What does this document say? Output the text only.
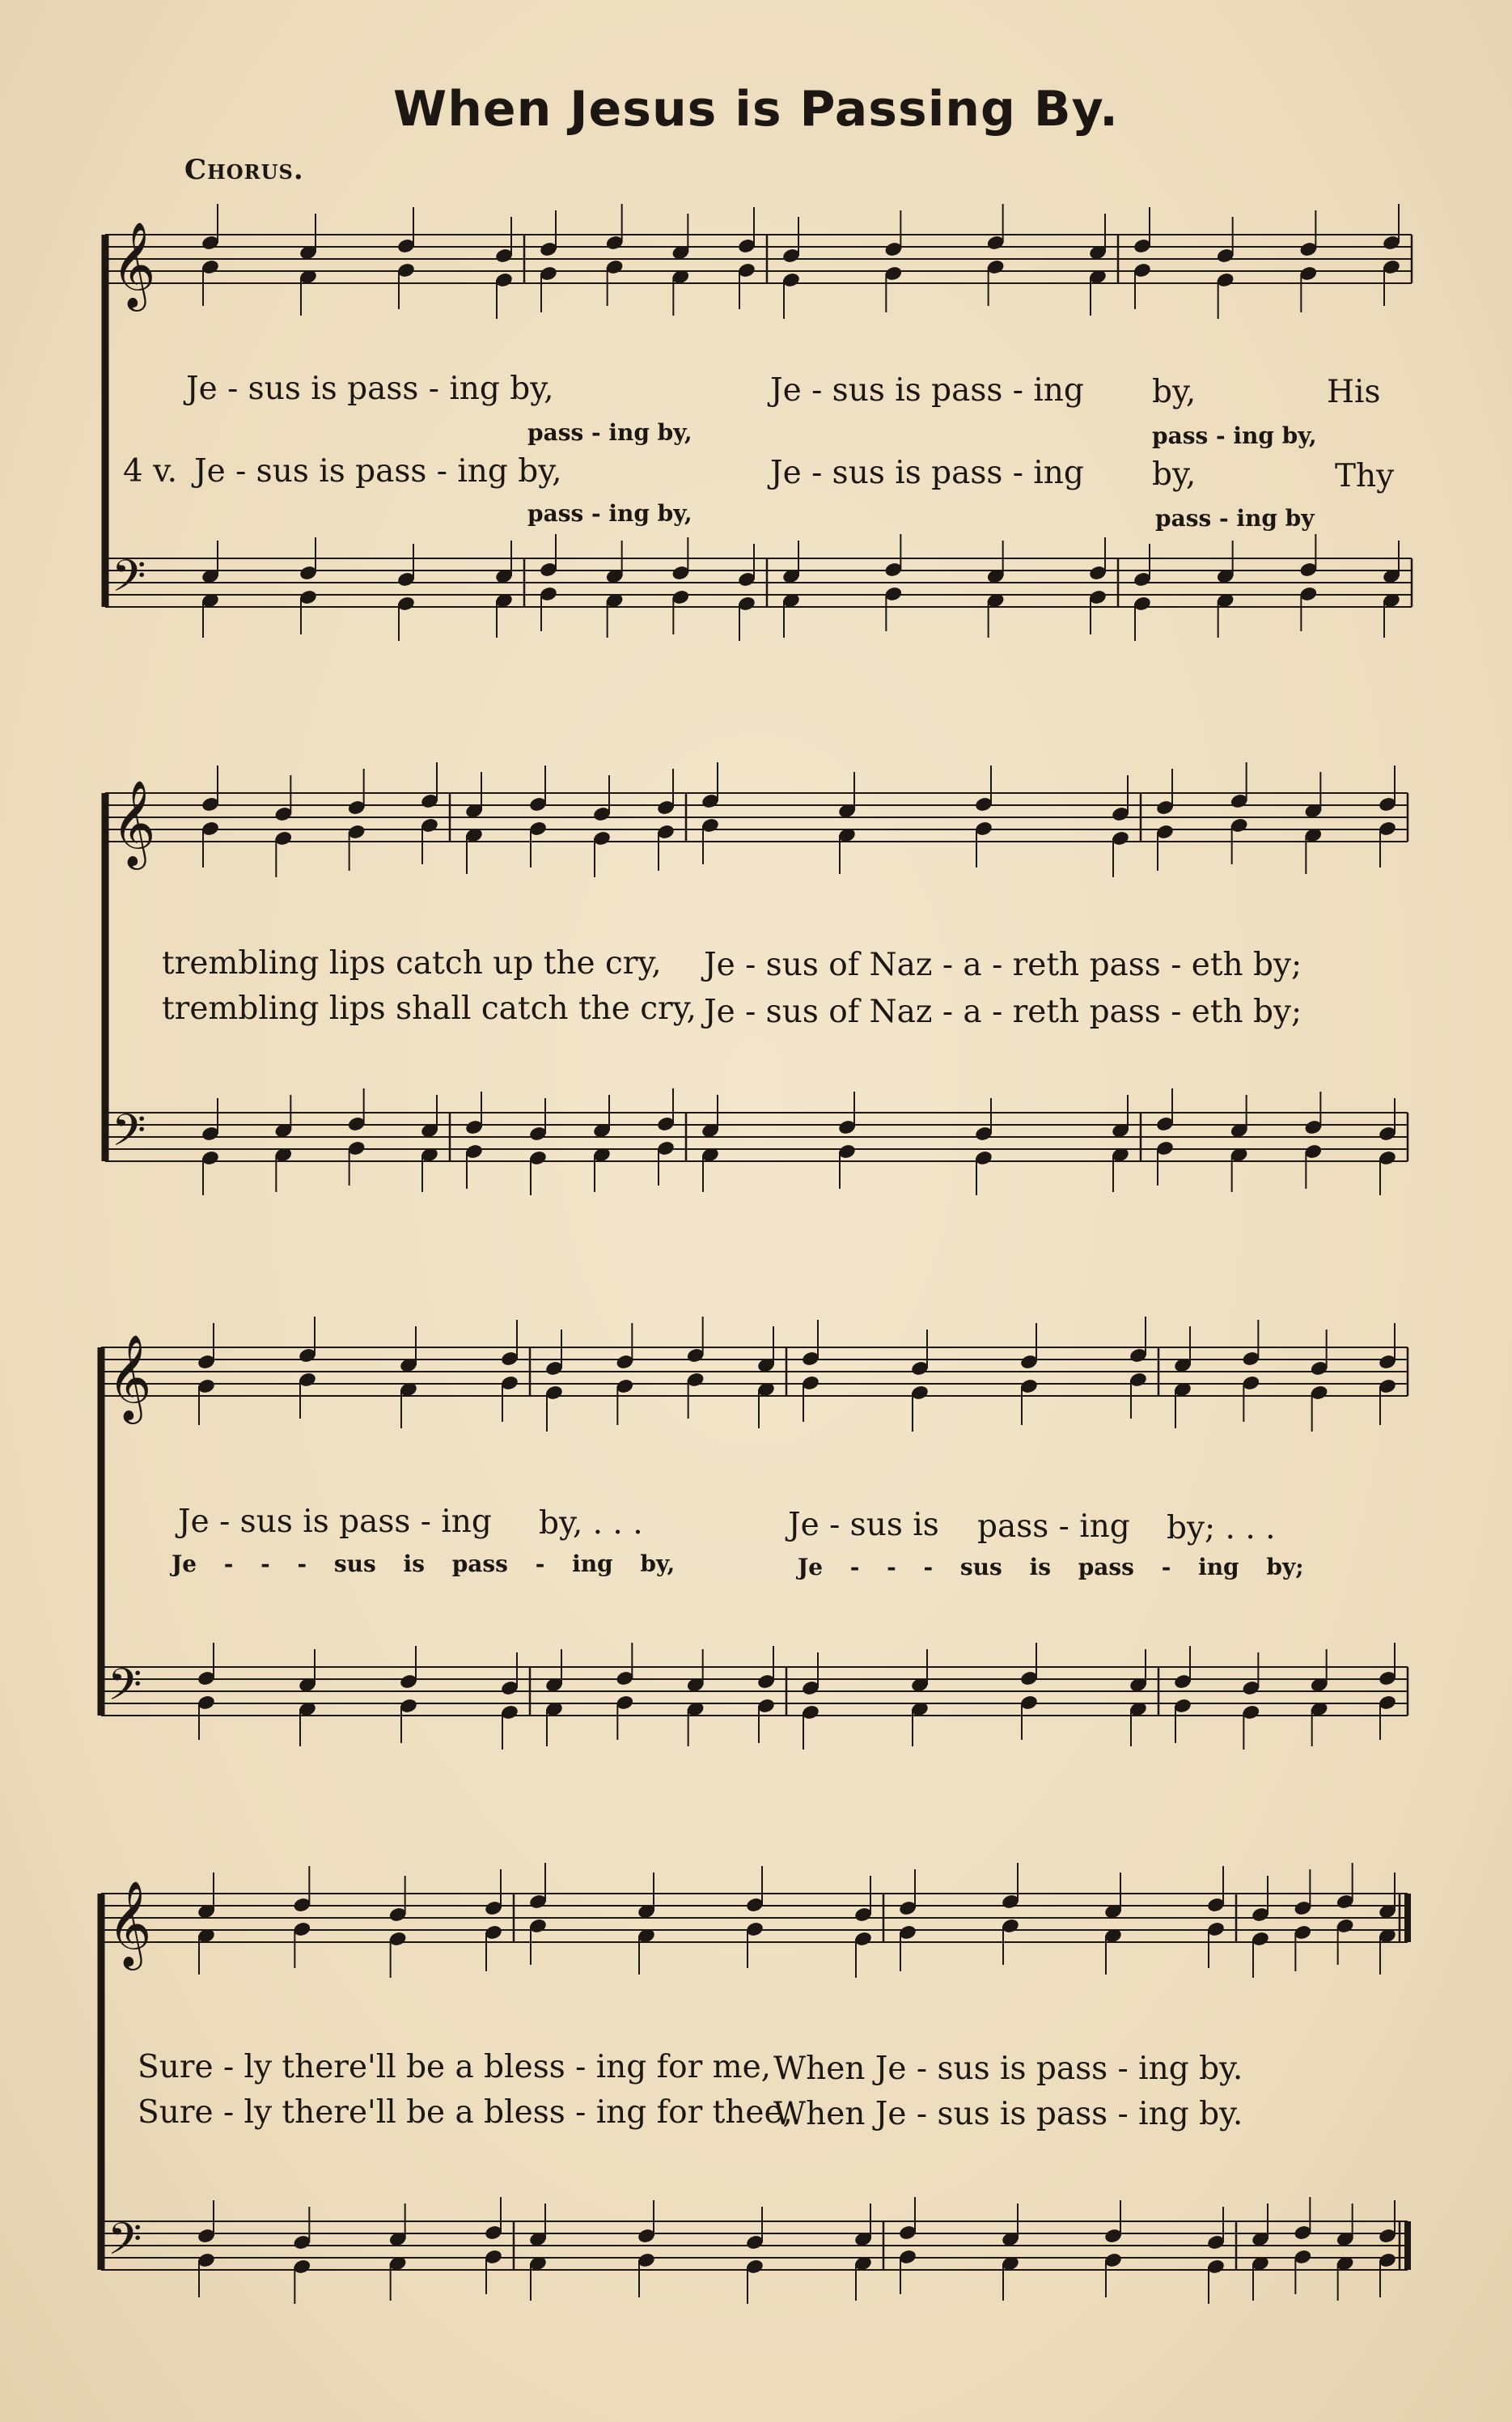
When Jesus is Passing By.
Chorus.
𝄞
𝄢
𝄞
𝄢
𝄞
𝄢
𝄞
𝄢
Je - sus is pass - ing by,	Je - sus is pass - ing by,	His
pass - ing by,	pass - ing by,
4 v. Je - sus is pass - ing by,	Je - sus is pass - ing by,	Thy
pass - ing by,	pass - ing by
trembling lips catch up the cry, Je - sus of Naz - a - reth pass - eth by;
trembling lips shall catch the cry, Je - sus of Naz - a - reth pass - eth by;
Je - sus is pass - ing by, . . .	Je - sus is pass - ing by; . . .
Je - - - sus is pass - ing by,	Je - - - sus is pass - ing by;
Sure - ly there'll be a bless - ing for me, When Je - sus is pass - ing by.
Sure - ly there'll be a bless - ing for thee,
When Je - sus is pass - ing by.
